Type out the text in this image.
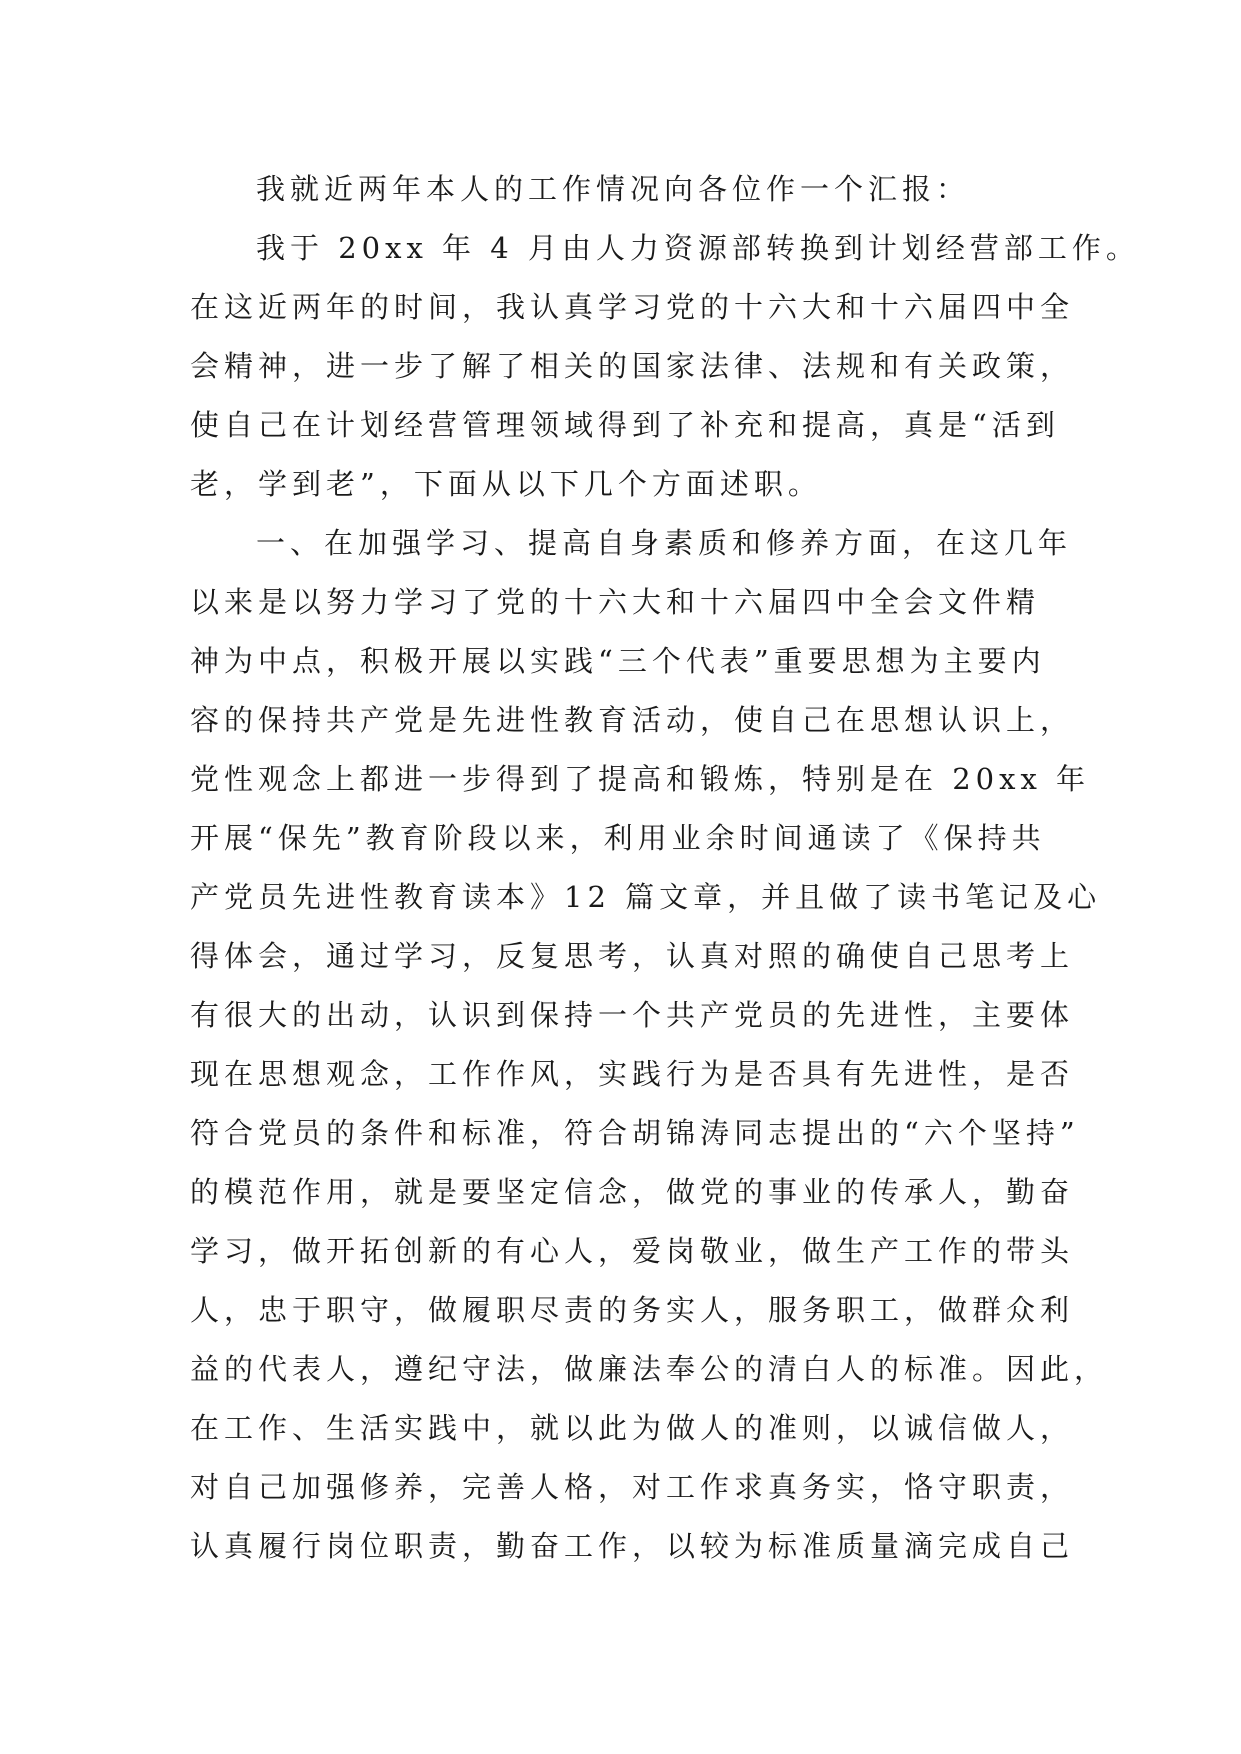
我就近两年本人的工作情况向各位作一个汇报：
我于 20xx 年 4 月由人力资源部转换到计划经营部工作。
在这近两年的时间，我认真学习党的十六大和十六届四中全
会精神，进一步了解了相关的国家法律、法规和有关政策，
使自己在计划经营管理领域得到了补充和提高，真是“活到
老，学到老”，下面从以下几个方面述职。
一、在加强学习、提高自身素质和修养方面，在这几年
以来是以努力学习了党的十六大和十六届四中全会文件精
神为中点，积极开展以实践“三个代表”重要思想为主要内
容的保持共产党是先进性教育活动，使自己在思想认识上，
党性观念上都进一步得到了提高和锻炼，特别是在 20xx 年
开展“保先”教育阶段以来，利用业余时间通读了《保持共
产党员先进性教育读本》12 篇文章，并且做了读书笔记及心
得体会，通过学习，反复思考，认真对照的确使自己思考上
有很大的出动，认识到保持一个共产党员的先进性，主要体
现在思想观念，工作作风，实践行为是否具有先进性，是否
符合党员的条件和标准，符合胡锦涛同志提出的“六个坚持”
的模范作用，就是要坚定信念，做党的事业的传承人，勤奋
学习，做开拓创新的有心人，爱岗敬业，做生产工作的带头
人，忠于职守，做履职尽责的务实人，服务职工，做群众利
益的代表人，遵纪守法，做廉法奉公的清白人的标准。因此，
在工作、生活实践中，就以此为做人的准则，以诚信做人，
对自己加强修养，完善人格，对工作求真务实，恪守职责，
认真履行岗位职责，勤奋工作，以较为标准质量滴完成自己
